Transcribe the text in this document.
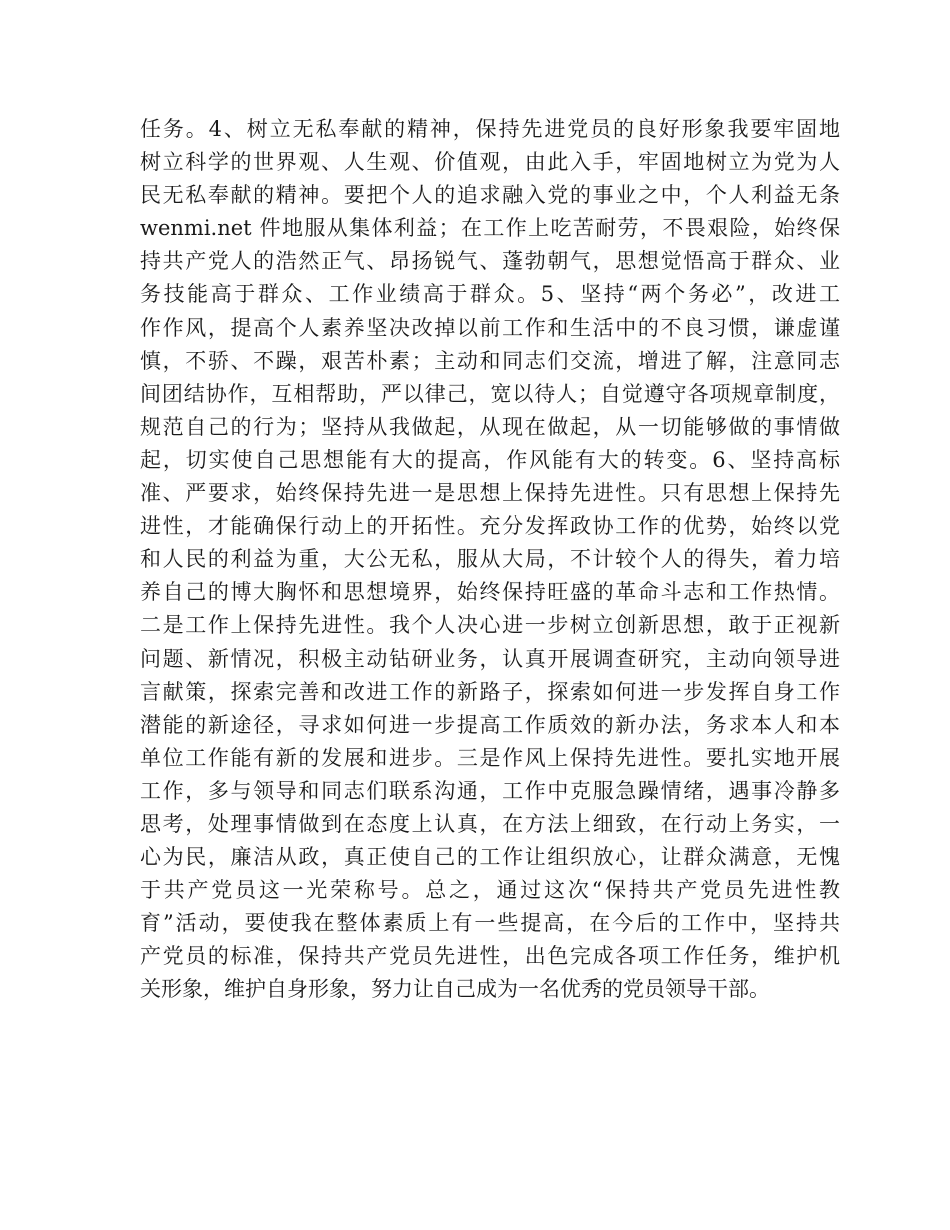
任务。4、树立无私奉献的精神，保持先进党员的良好形象我要牢固地
树立科学的世界观、人生观、价值观，由此入手，牢固地树立为党为人
民无私奉献的精神。要把个人的追求融入党的事业之中，个人利益无条
wenmi.net 件地服从集体利益；在工作上吃苦耐劳，不畏艰险，始终保
持共产党人的浩然正气、昂扬锐气、蓬勃朝气，思想觉悟高于群众、业
务技能高于群众、工作业绩高于群众。5、坚持“两个务必”，改进工
作作风，提高个人素养坚决改掉以前工作和生活中的不良习惯，谦虚谨
慎，不骄、不躁，艰苦朴素；主动和同志们交流，增进了解，注意同志
间团结协作，互相帮助，严以律己，宽以待人；自觉遵守各项规章制度，
规范自己的行为；坚持从我做起，从现在做起，从一切能够做的事情做
起，切实使自己思想能有大的提高，作风能有大的转变。6、坚持高标
准、严要求，始终保持先进一是思想上保持先进性。只有思想上保持先
进性，才能确保行动上的开拓性。充分发挥政协工作的优势，始终以党
和人民的利益为重，大公无私，服从大局，不计较个人的得失，着力培
养自己的博大胸怀和思想境界，始终保持旺盛的革命斗志和工作热情。
二是工作上保持先进性。我个人决心进一步树立创新思想，敢于正视新
问题、新情况，积极主动钻研业务，认真开展调查研究，主动向领导进
言献策，探索完善和改进工作的新路子，探索如何进一步发挥自身工作
潜能的新途径，寻求如何进一步提高工作质效的新办法，务求本人和本
单位工作能有新的发展和进步。三是作风上保持先进性。要扎实地开展
工作，多与领导和同志们联系沟通，工作中克服急躁情绪，遇事冷静多
思考，处理事情做到在态度上认真，在方法上细致，在行动上务实，一
心为民，廉洁从政，真正使自己的工作让组织放心，让群众满意，无愧
于共产党员这一光荣称号。总之，通过这次“保持共产党员先进性教
育”活动，要使我在整体素质上有一些提高，在今后的工作中，坚持共
产党员的标准，保持共产党员先进性，出色完成各项工作任务，维护机
关形象，维护自身形象，努力让自己成为一名优秀的党员领导干部。
